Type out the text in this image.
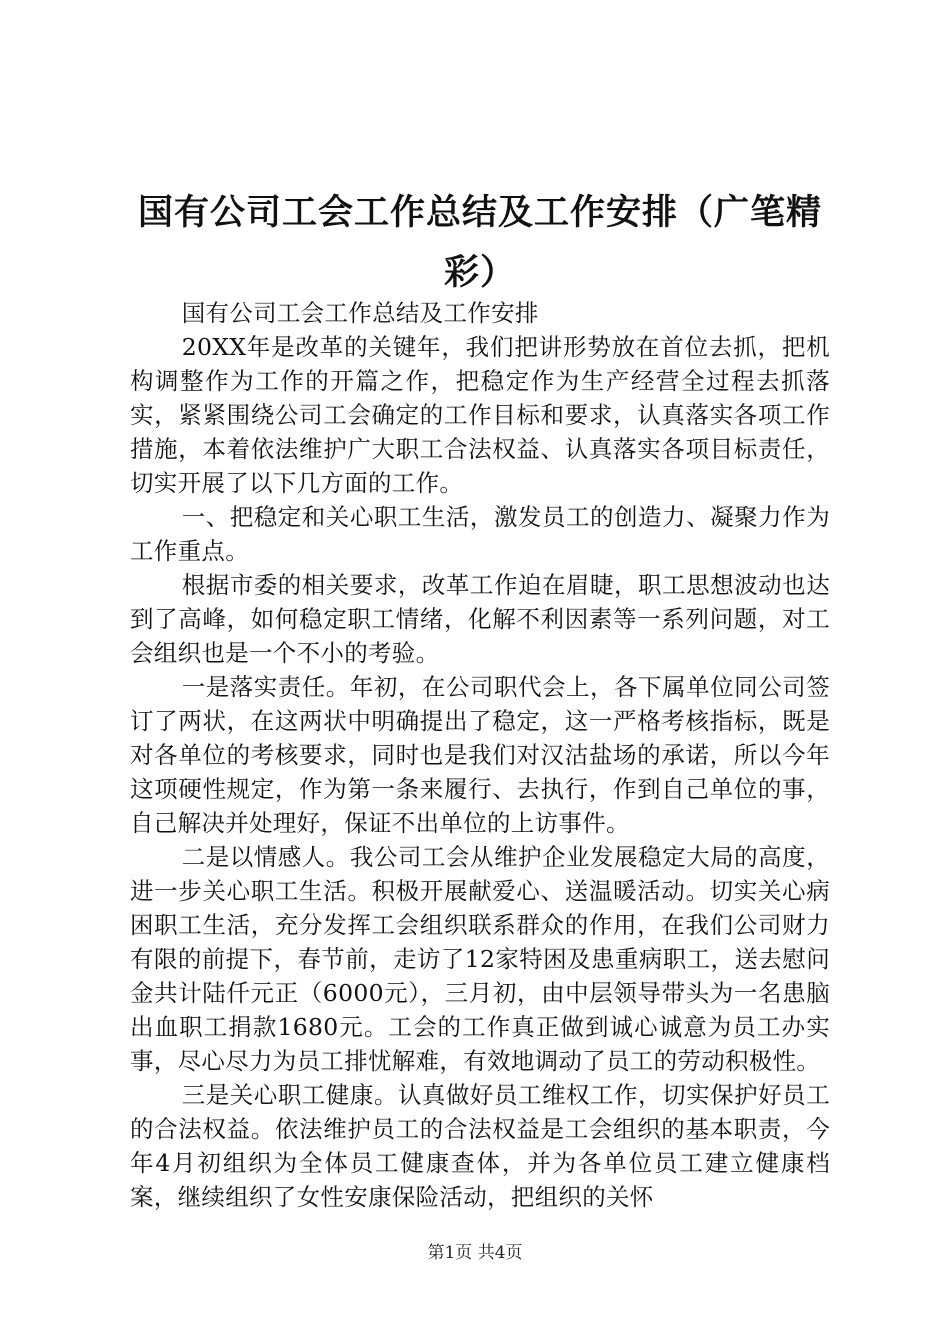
国有公司工会工作总结及工作安排（广笔精彩）

国有公司工会工作总结及工作安排

20XX年是改革的关键年，我们把讲形势放在首位去抓，把机构调整作为工作的开篇之作，把稳定作为生产经营全过程去抓落实，紧紧围绕公司工会确定的工作目标和要求，认真落实各项工作措施，本着依法维护广大职工合法权益、认真落实各项目标责任，切实开展了以下几方面的工作。

一、把稳定和关心职工生活，激发员工的创造力、凝聚力作为工作重点。

根据市委的相关要求，改革工作迫在眉睫，职工思想波动也达到了高峰，如何稳定职工情绪，化解不利因素等一系列问题，对工会组织也是一个不小的考验。

一是落实责任。年初，在公司职代会上，各下属单位同公司签订了两状，在这两状中明确提出了稳定，这一严格考核指标，既是对各单位的考核要求，同时也是我们对汉沽盐场的承诺，所以今年这项硬性规定，作为第一条来履行、去执行，作到自己单位的事，自己解决并处理好，保证不出单位的上访事件。

二是以情感人。我公司工会从维护企业发展稳定大局的高度，进一步关心职工生活。积极开展献爱心、送温暖活动。切实关心病困职工生活，充分发挥工会组织联系群众的作用，在我们公司财力有限的前提下，春节前，走访了12家特困及患重病职工，送去慰问金共计陆仟元正（6000元），三月初，由中层领导带头为一名患脑出血职工捐款1680元。工会的工作真正做到诚心诚意为员工办实事，尽心尽力为员工排忧解难，有效地调动了员工的劳动积极性。

三是关心职工健康。认真做好员工维权工作，切实保护好员工的合法权益。依法维护员工的合法权益是工会组织的基本职责，今年4月初组织为全体员工健康查体，并为各单位员工建立健康档案，继续组织了女性安康保险活动，把组织的关怀

第1页 共4页
